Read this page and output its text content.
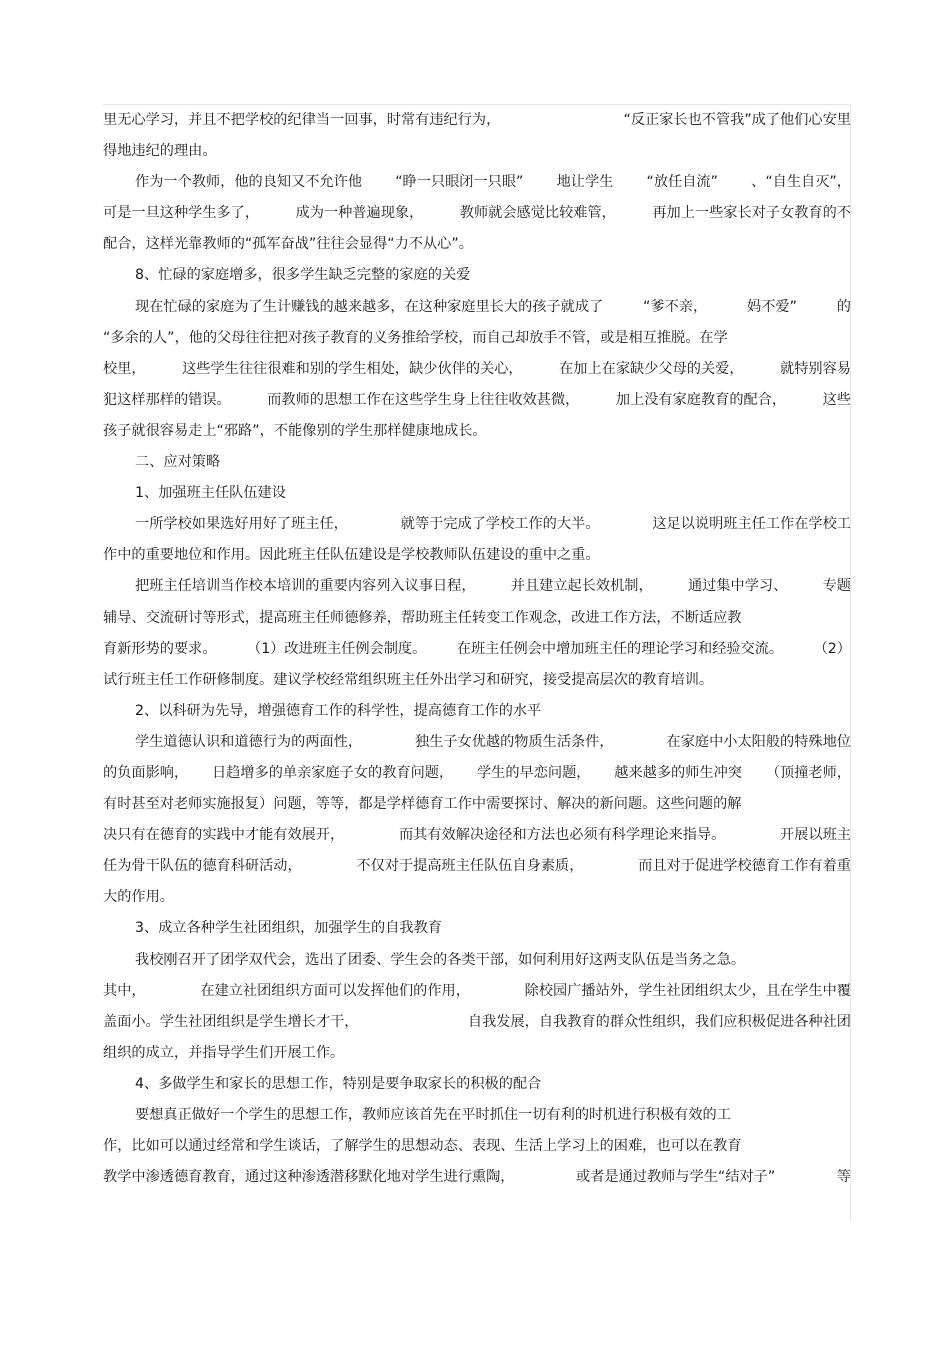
里无心学习，并且不把学校的纪律当一回事，时常有违纪行为，	“反正家长也不管我”成了他们心安里
得地违纪的理由。
作为一个教师，他的良知又不允许他 “睁一只眼闭一只眼” 地让学生 “放任自流” 、“自生自灭”，
可是一旦这种学生多了，	成为一种普遍现象，	教师就会感觉比较难管，	再加上一些家长对子女教育的不
配合，这样光靠教师的“孤军奋战”往往会显得“力不从心”。
8、忙碌的家庭增多，很多学生缺乏完整的家庭的关爱
现在忙碌的家庭为了生计赚钱的越来越多，在这种家庭里长大的孩子就成了	“爹不亲，	妈不爱”	的
“多余的人”，他的父母往往把对孩子教育的义务推给学校，而自己却放手不管，或是相互推脱。在学
校里，	这些学生往往很难和别的学生相处，缺少伙伴的关心，	在加上在家缺少父母的关爱，	就特别容易
犯这样那样的错误。	而教师的思想工作在这些学生身上往往收效甚微，	加上没有家庭教育的配合，	这些
孩子就很容易走上“邪路”，不能像别的学生那样健康地成长。
二、应对策略
1、加强班主任队伍建设
一所学校如果选好用好了班主任，	就等于完成了学校工作的大半。	这足以说明班主任工作在学校工
作中的重要地位和作用。因此班主任队伍建设是学校教师队伍建设的重中之重。
把班主任培训当作校本培训的重要内容列入议事日程， 并且建立起长效机制， 通过集中学习、 专题
辅导、交流研讨等形式，提高班主任师德修养，帮助班主任转变工作观念，改进工作方法，不断适应教
育新形势的要求。 （1）改进班主任例会制度。 在班主任例会中增加班主任的理论学习和经验交流。 （2）
试行班主任工作研修制度。建议学校经常组织班主任外出学习和研究，接受提高层次的教育培训。
2、以科研为先导，增强德育工作的科学性，提高德育工作的水平
学生道德认识和道德行为的两面性，	独生子女优越的物质生活条件，	在家庭中小太阳般的特殊地位
的负面影响， 日趋增多的单亲家庭子女的教育问题， 学生的早恋问题， 越来越多的师生冲突 （顶撞老师，
有时甚至对老师实施报复）问题，等等，都是学样德育工作中需要探讨、解决的新问题。这些问题的解
决只有在德育的实践中才能有效展开，	而其有效解决途径和方法也必须有科学理论来指导。	开展以班主
任为骨干队伍的德育科研活动，	不仅对于提高班主任队伍自身素质，	而且对于促进学校德育工作有着重
大的作用。
3、成立各种学生社团组织，加强学生的自我教育
我校刚召开了团学双代会，选出了团委、学生会的各类干部，如何利用好这两支队伍是当务之急。
其中，	在建立社团组织方面可以发挥他们的作用，	除校园广播站外，学生社团组织太少，且在学生中覆
盖面小。学生社团组织是学生增长才干，	自我发展，自我教育的群众性组织，我们应积极促进各种社团
组织的成立，并指导学生们开展工作。
4、多做学生和家长的思想工作，特别是要争取家长的积极的配合
要想真正做好一个学生的思想工作，教师应该首先在平时抓住一切有利的时机进行积极有效的工
作，比如可以通过经常和学生谈话，了解学生的思想动态、表现、生活上学习上的困难，也可以在教育
教学中渗透德育教育，通过这种渗透潜移默化地对学生进行熏陶，	或者是通过教师与学生“结对子”	等
